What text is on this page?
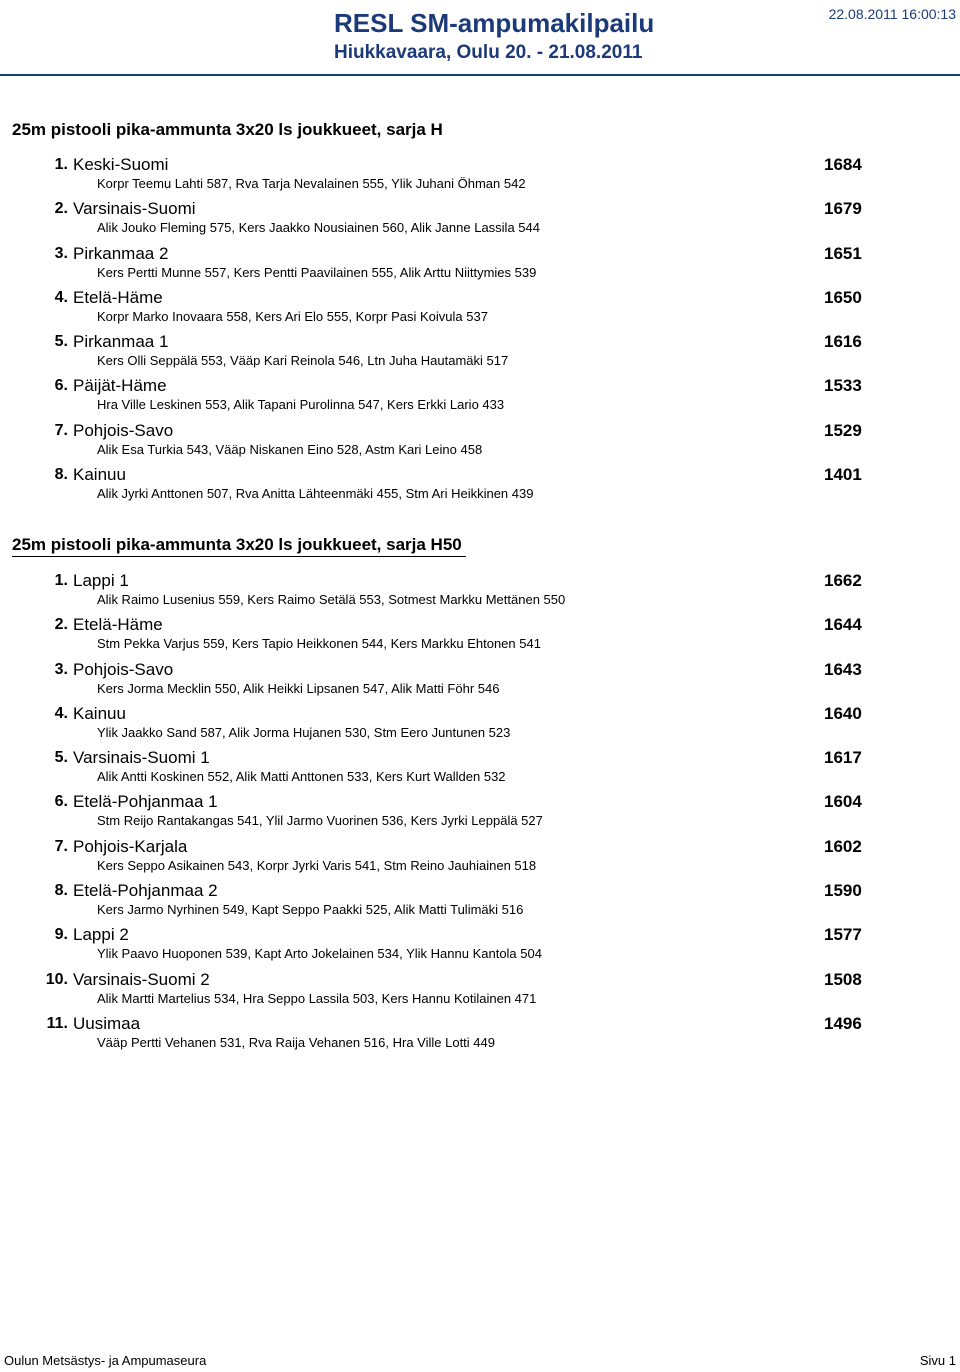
RESL SM-ampumakilpailu
Hiukkavaara, Oulu 20. - 21.08.2011
22.08.2011 16:00:13
25m pistooli pika-ammunta 3x20 ls joukkueet, sarja H
1. Keski-Suomi	1684
Korpr Teemu Lahti 587, Rva Tarja Nevalainen 555, Ylik Juhani Öhman 542
2. Varsinais-Suomi	1679
Alik Jouko Fleming 575, Kers Jaakko Nousiainen 560, Alik Janne Lassila 544
3. Pirkanmaa 2	1651
Kers Pertti Munne 557, Kers Pentti Paavilainen 555, Alik Arttu Niittymies 539
4. Etelä-Häme	1650
Korpr Marko Inovaara 558, Kers Ari Elo 555, Korpr Pasi Koivula 537
5. Pirkanmaa 1	1616
Kers Olli Seppälä 553, Vääp Kari Reinola 546, Ltn Juha Hautamäki 517
6. Päijät-Häme	1533
Hra Ville Leskinen 553, Alik Tapani Purolinna 547, Kers Erkki Lario 433
7. Pohjois-Savo	1529
Alik Esa Turkia 543, Vääp Niskanen Eino 528, Astm Kari Leino 458
8. Kainuu	1401
Alik Jyrki Anttonen 507, Rva Anitta Lähteenmäki 455, Stm Ari Heikkinen 439
25m pistooli pika-ammunta 3x20 ls joukkueet, sarja H50
1. Lappi 1	1662
Alik Raimo Lusenius 559, Kers Raimo Setälä 553, Sotmest Markku Mettänen 550
2. Etelä-Häme	1644
Stm Pekka Varjus 559, Kers Tapio Heikkonen 544, Kers Markku Ehtonen 541
3. Pohjois-Savo	1643
Kers Jorma Mecklin 550, Alik Heikki Lipsanen 547, Alik Matti Föhr 546
4. Kainuu	1640
Ylik Jaakko Sand 587, Alik Jorma Hujanen 530, Stm Eero Juntunen 523
5. Varsinais-Suomi 1	1617
Alik Antti Koskinen 552, Alik Matti Anttonen 533, Kers Kurt Wallden 532
6. Etelä-Pohjanmaa 1	1604
Stm Reijo Rantakangas 541, Ylil Jarmo Vuorinen 536, Kers Jyrki Leppälä 527
7. Pohjois-Karjala	1602
Kers Seppo Asikainen 543, Korpr Jyrki Varis 541, Stm Reino Jauhiainen 518
8. Etelä-Pohjanmaa 2	1590
Kers Jarmo Nyrhinen 549, Kapt Seppo Paakki 525, Alik Matti Tulimäki 516
9. Lappi 2	1577
Ylik Paavo Huoponen 539, Kapt Arto Jokelainen 534, Ylik Hannu Kantola 504
10. Varsinais-Suomi 2	1508
Alik Martti Martelius 534, Hra Seppo Lassila 503, Kers Hannu Kotilainen 471
11. Uusimaa	1496
Vääp Pertti Vehanen 531, Rva Raija Vehanen 516, Hra Ville Lotti 449
Oulun Metsästys- ja Ampumaseura	Sivu 1
